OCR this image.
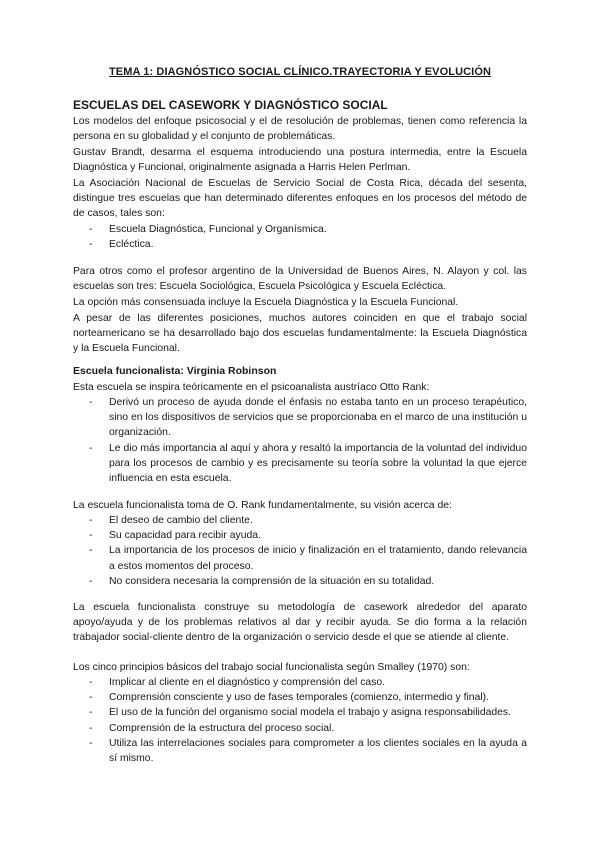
TEMA 1: DIAGNÓSTICO SOCIAL CLÍNICO.TRAYECTORIA Y EVOLUCIÓN
ESCUELAS DEL CASEWORK Y DIAGNÓSTICO SOCIAL
Los modelos del enfoque psicosocial y el de resolución de problemas, tienen como referencia la persona en su globalidad y el conjunto de problemáticas.
Gustav Brandt, desarma el esquema introduciendo una postura intermedia, entre la Escuela Diagnóstica y Funcional, originalmente asignada a Harris Helen Perlman.
La Asociación Nacional de Escuelas de Servicio Social de Costa Rica, década del sesenta, distingue tres escuelas que han determinado diferentes enfoques en los procesos del método de de casos, tales son:
- Escuela Diagnóstica, Funcional y Organísmica.
- Ecléctica.
Para otros como el profesor argentino de la Universidad de Buenos Aires, N. Alayon y col. las escuelas son tres: Escuela Sociológica, Escuela Psicológica y Escuela Ecléctica.
La opción más consensuada incluye la Escuela Diagnóstica y la Escuela Funcional.
A pesar de las diferentes posiciones, muchos autores coinciden en que el trabajo social norteamericano se ha desarrollado bajo dos escuelas fundamentalmente: la Escuela Diagnóstica y la Escuela Funcional.
Escuela funcionalista: Virginia Robinson
Esta escuela se inspira teóricamente en el psicoanalista austríaco Otto Rank:
- Derivó un proceso de ayuda donde el énfasis no estaba tanto en un proceso terapéutico, sino en los dispositivos de servicios que se proporcionaba en el marco de una institución u organización.
- Le dio más importancia al aquí y ahora y resaltó la importancia de la voluntad del individuo para los procesos de cambio y es precisamente su teoría sobre la voluntad la que ejerce influencia en esta escuela.
La escuela funcionalista toma de O. Rank fundamentalmente, su visión acerca de:
- El deseo de cambio del cliente.
- Su capacidad para recibir ayuda.
- La importancia de los procesos de inicio y finalización en el tratamiento, dando relevancia a estos momentos del proceso.
- No considera necesaria la comprensión de la situación en su totalidad.
La escuela funcionalista construye su metodología de casework alrededor del aparato apoyo/ayuda y de los problemas relativos al dar y recibir ayuda. Se dio forma a la relación trabajador social-cliente dentro de la organización o servicio desde el que se atiende al cliente.
Los cinco principios básicos del trabajo social funcionalista según Smalley (1970) son:
- Implicar al cliente en el diagnóstico y comprensión del caso.
- Comprensión consciente y uso de fases temporales (comienzo, intermedio y final).
- El uso de la función del organismo social modela el trabajo y asigna responsabilidades.
- Comprensión de la estructura del proceso social.
- Utiliza las interrelaciones sociales para comprometer a los clientes sociales en la ayuda a sí mismo.
